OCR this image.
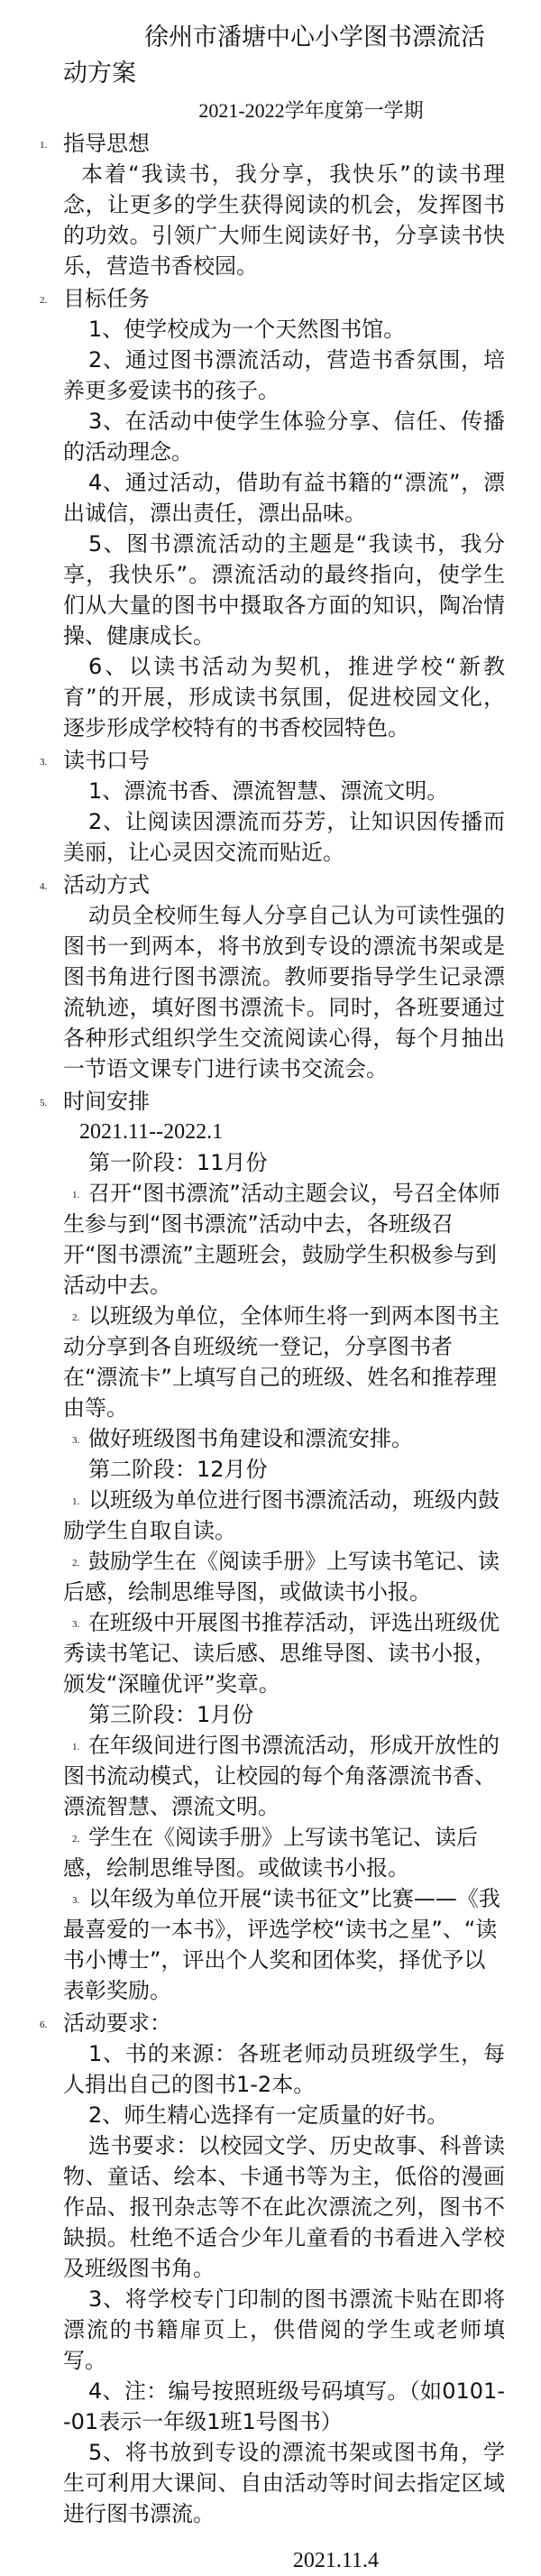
徐州市潘塘中心小学图书漂流活动方案
2021-2022学年度第一学期
1. 指导思想
本着“我读书，我分享，我快乐”的读书理念，让更多的学生获得阅读的机会，发挥图书的功效。引领广大师生阅读好书，分享读书快乐，营造书香校园。
2. 目标任务
1、使学校成为一个天然图书馆。
2、通过图书漂流活动，营造书香氛围，培养更多爱读书的孩子。
3、在活动中使学生体验分享、信任、传播的活动理念。
4、通过活动，借助有益书籍的“漂流”，漂出诚信，漂出责任，漂出品味。
5、图书漂流活动的主题是“我读书，我分享，我快乐”。漂流活动的最终指向，使学生们从大量的图书中摄取各方面的知识，陶冶情操、健康成长。
6、以读书活动为契机，推进学校“新教育”的开展，形成读书氛围，促进校园文化，逐步形成学校特有的书香校园特色。
3. 读书口号
1、漂流书香、漂流智慧、漂流文明。
2、让阅读因漂流而芬芳，让知识因传播而美丽，让心灵因交流而贴近。
4. 活动方式
动员全校师生每人分享自己认为可读性强的图书一到两本，将书放到专设的漂流书架或是图书角进行图书漂流。教师要指导学生记录漂流轨迹，填好图书漂流卡。同时，各班要通过各种形式组织学生交流阅读心得，每个月抽出一节语文课专门进行读书交流会。
5. 时间安排
2021.11--2022.1
第一阶段：11月份
1. 召开“图书漂流”活动主题会议，号召全体师生参与到“图书漂流”活动中去，各班级召开“图书漂流”主题班会，鼓励学生积极参与到活动中去。
2. 以班级为单位，全体师生将一到两本图书主动分享到各自班级统一登记，分享图书者在“漂流卡”上填写自己的班级、姓名和推荐理由等。
3. 做好班级图书角建设和漂流安排。
第二阶段：12月份
1. 以班级为单位进行图书漂流活动，班级内鼓励学生自取自读。
2. 鼓励学生在《阅读手册》上写读书笔记、读后感，绘制思维导图，或做读书小报。
3. 在班级中开展图书推荐活动，评选出班级优秀读书笔记、读后感、思维导图、读书小报，颁发“深瞳优评”奖章。
第三阶段：1月份
1. 在年级间进行图书漂流活动，形成开放性的图书流动模式，让校园的每个角落漂流书香、漂流智慧、漂流文明。
2. 学生在《阅读手册》上写读书笔记、读后感，绘制思维导图。或做读书小报。
3. 以年级为单位开展“读书征文”比赛——《我最喜爱的一本书》，评选学校“读书之星”、“读书小博士”，评出个人奖和团体奖，择优予以表彰奖励。
6. 活动要求：
1、书的来源：各班老师动员班级学生，每人捐出自己的图书1-2本。
2、师生精心选择有一定质量的好书。
选书要求：以校园文学、历史故事、科普读物、童话、绘本、卡通书等为主，低俗的漫画作品、报刊杂志等不在此次漂流之列，图书不缺损。杜绝不适合少年儿童看的书看进入学校及班级图书角。
3、将学校专门印制的图书漂流卡贴在即将漂流的书籍扉页上，供借阅的学生或老师填写。
4、注：编号按照班级号码填写。（如0101--01表示一年级1班1号图书）
5、将书放到专设的漂流书架或图书角，学生可利用大课间、自由活动等时间去指定区域进行图书漂流。
2021.11.4
